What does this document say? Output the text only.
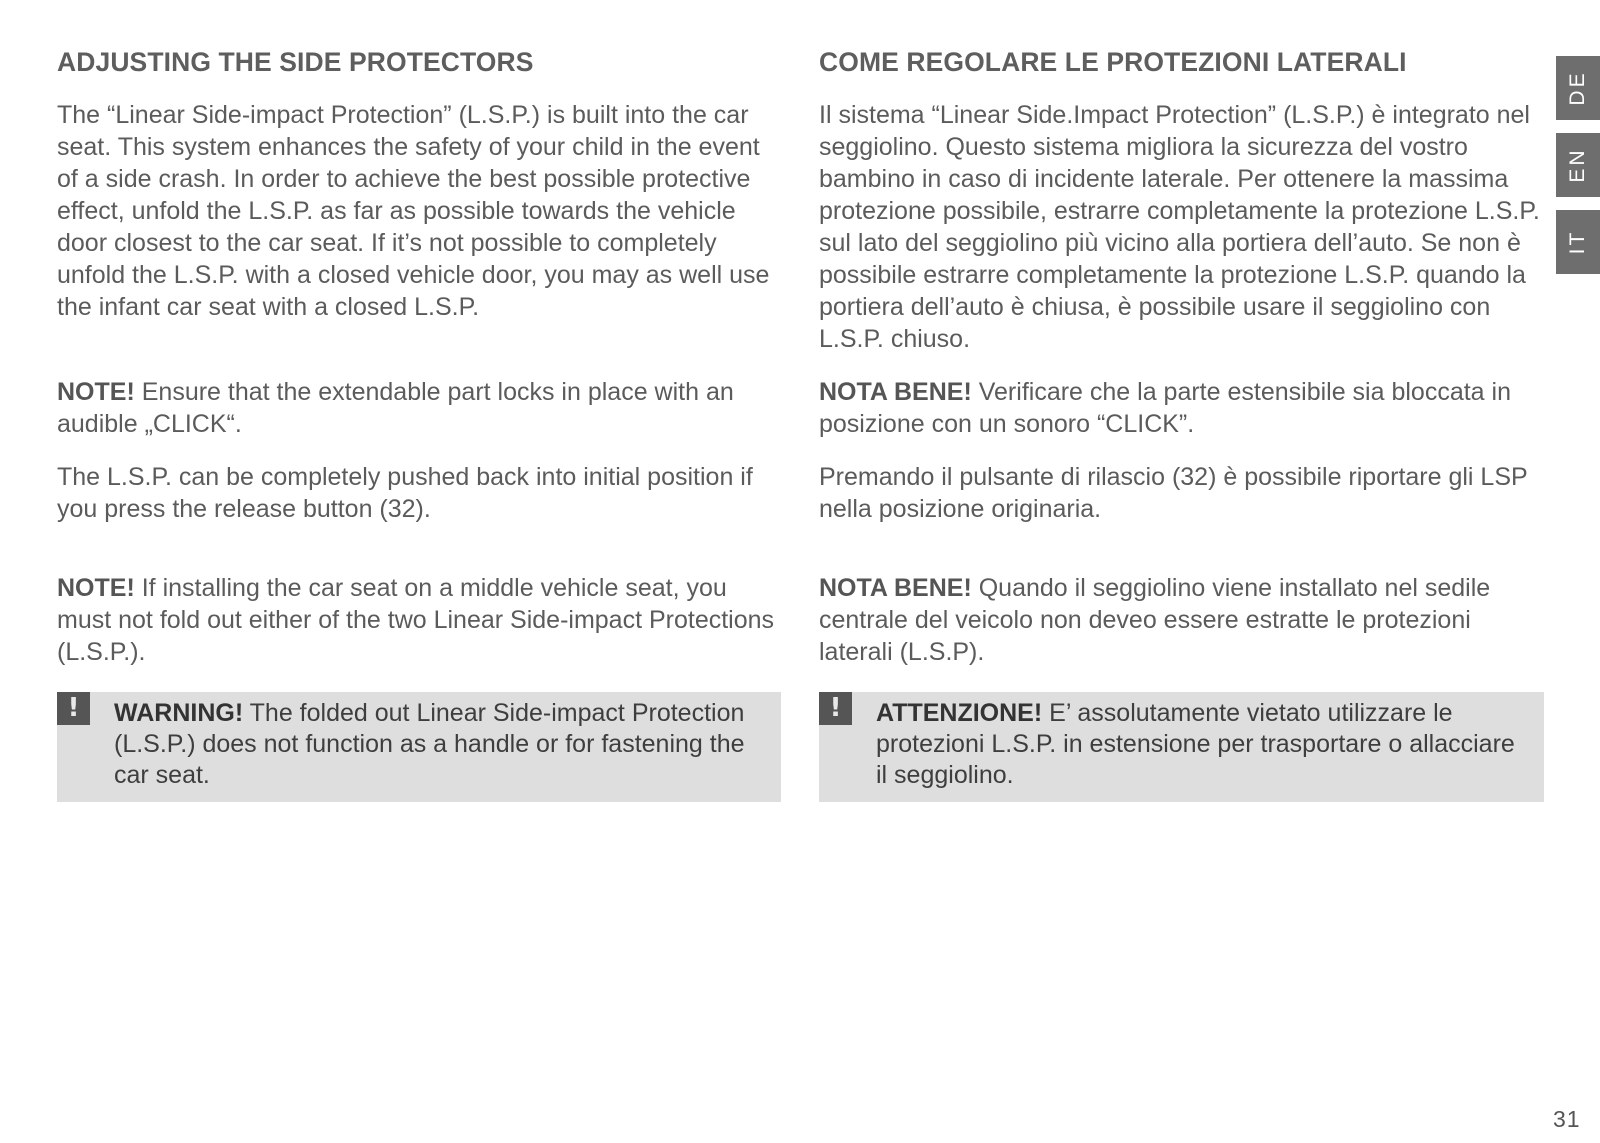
ADJUSTING THE SIDE PROTECTORS

The “Linear Side-impact Protection” (L.S.P.) is built into the car seat. This system enhances the safety of your child in the event of a side crash. In order to achieve the best possible protective effect, unfold the L.S.P. as far as possible towards the vehicle door closest to the car seat. If it’s not possible to completely unfold the L.S.P. with a closed vehicle door, you may as well use the infant car seat with a closed L.S.P.

NOTE! Ensure that the extendable part locks in place with an audible „CLICK“.

The L.S.P. can be completely pushed back into initial position if you press the release button (32).

NOTE! If installing the car seat on a middle vehicle seat, you must not fold out either of the two Linear Side-impact Protections (L.S.P.).

!	WARNING! The folded out Linear Side-impact Protection (L.S.P.) does not function as a handle or for fastening the car seat.
COME REGOLARE LE PROTEZIONI LATERALI

Il sistema “Linear Side.Impact Protection” (L.S.P.) è integrato nel seggiolino. Questo sistema migliora la sicurezza del vostro bambino in caso di incidente laterale. Per ottenere la massima protezione possibile, estrarre completamente la protezione L.S.P. sul lato del seggiolino più vicino alla portiera dell’auto. Se non è possibile estrarre completamente la protezione L.S.P. quando la portiera dell’auto è chiusa, è possibile usare il seggiolino con L.S.P. chiuso.

NOTA BENE! Verificare che la parte estensibile sia bloccata in posizione con un sonoro “CLICK”.

Premando il pulsante di rilascio (32) è possibile riportare gli LSP nella posizione originaria.

NOTA BENE! Quando il seggiolino viene installato nel sedile centrale del veicolo non deveo essere estratte le protezioni laterali (L.S.P).

!	ATTENZIONE! E’ assolutamente vietato utilizzare le protezioni L.S.P. in estensione per trasportare o allacciare il seggiolino.
DE
EN
IT
31
